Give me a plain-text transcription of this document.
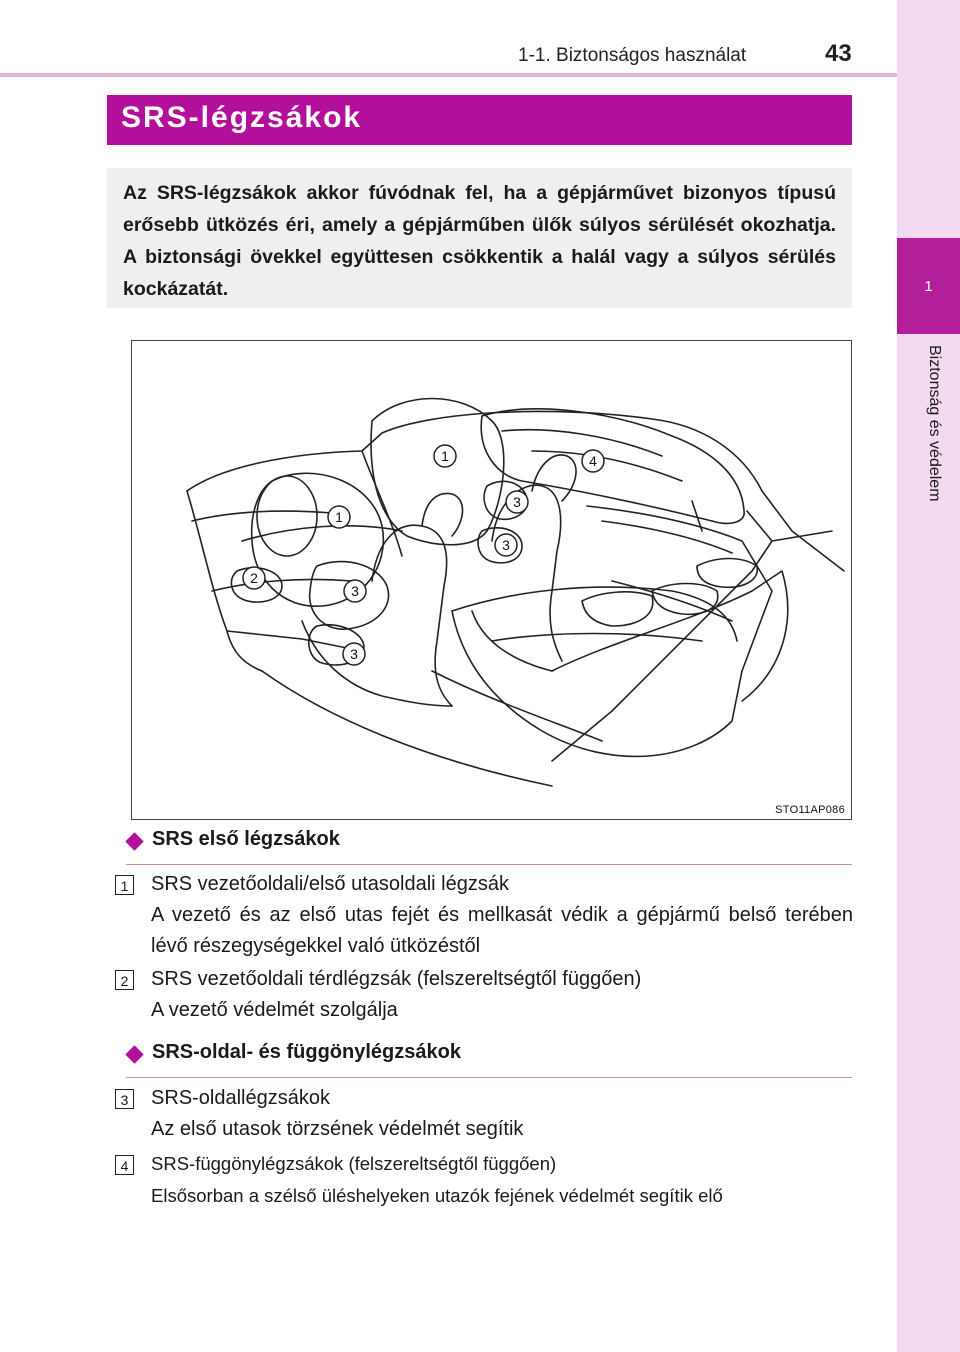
1-1. Biztonságos használat	43
1
Biztonság és védelem
SRS-légzsákok
Az SRS-légzsákok akkor fúvódnak fel, ha a gépjárművet bizonyos típusú erősebb ütközés éri, amely a gépjárműben ülők súlyos sérülését okozhatja. A biztonsági övekkel együttesen csökkentik a halál vagy a súlyos sérülés kockázatát.
1
1
2
3
3
3
3
4
STO11AP086
SRS első légzsákok
1 SRS vezetőoldali/első utasoldali légzsák
A vezető és az első utas fejét és mellkasát védik a gépjármű belső terében lévő részegységekkel való ütközéstől
2 SRS vezetőoldali térdlégzsák (felszereltségtől függően)
A vezető védelmét szolgálja
SRS-oldal- és függönylégzsákok
3 SRS-oldallégzsákok
Az első utasok törzsének védelmét segítik
4	SRS-függönylégzsákok (felszereltségtől függően)
Elsősorban a szélső üléshelyeken utazók fejének védelmét segítik elő
